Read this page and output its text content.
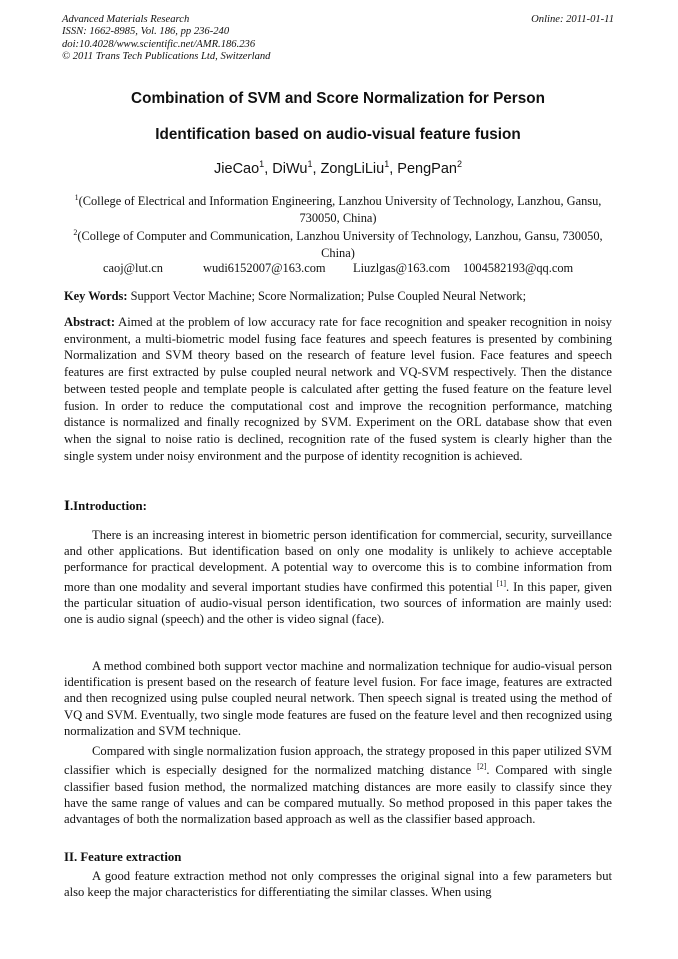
Advanced Materials Research
ISSN: 1662-8985, Vol. 186, pp 236-240
doi:10.4028/www.scientific.net/AMR.186.236
© 2011 Trans Tech Publications Ltd, Switzerland
Online: 2011-01-11
Combination of SVM and Score Normalization for Person
Identification based on audio-visual feature fusion
JieCao$^1$, DiWu$^1$, ZongLiLiu$^1$, PengPan$^2$
$^1$(College of Electrical and Information Engineering, Lanzhou University of Technology, Lanzhou, Gansu, 730050, China)
$^2$(College of Computer and Communication, Lanzhou University of Technology, Lanzhou, Gansu, 730050, China)
caoj@lut.cn	wudi6152007@163.com Liuzlgas@163.com 1004582193@qq.com
Key Words: Support Vector Machine; Score Normalization; Pulse Coupled Neural Network;
Abstract: Aimed at the problem of low accuracy rate for face recognition and speaker recognition in noisy environment, a multi-biometric model fusing face features and speech features is presented by combining Normalization and SVM theory based on the research of feature level fusion. Face features and speech features are first extracted by pulse coupled neural network and VQ-SVM respectively. Then the distance between tested people and template people is calculated after getting the fused feature on the feature level fusion. In order to reduce the computational cost and improve the recognition performance, matching distance is normalized and finally recognized by SVM. Experiment on the ORL database show that even when the signal to noise ratio is declined, recognition rate of the fused system is clearly higher than the single system under noisy environment and the purpose of identity recognition is achieved.
Ⅰ.Introduction:

There is an increasing interest in biometric person identification for commercial, security, surveillance and other applications. But identification based on only one modality is unlikely to achieve acceptable performance for practical development. A potential way to overcome this is to combine information from more than one modality and several important studies have confirmed this potential [1]. In this paper, given the particular situation of audio-visual person identification, two sources of information are mainly used: one is audio signal (speech) and the other is video signal (face).

A method combined both support vector machine and normalization technique for audio-visual person identification is present based on the research of feature level fusion. For face image, features are extracted and then recognized using pulse coupled neural network. Then speech signal is treated using the method of VQ and SVM. Eventually, two single mode features are fused on the feature level and then recognized using normalization and SVM technique.

Compared with single normalization fusion approach, the strategy proposed in this paper utilized SVM classifier which is especially designed for the normalized matching distance [2]. Compared with single classifier based fusion method, the normalized matching distances are more easily to classify since they have the same range of values and can be compared mutually. So method proposed in this paper takes the advantages of both the normalization based approach as well as the classifier based approach.

II. Feature extraction

A good feature extraction method not only compresses the original signal into a few parameters but also keep the major characteristics for differentiating the similar classes. When using
